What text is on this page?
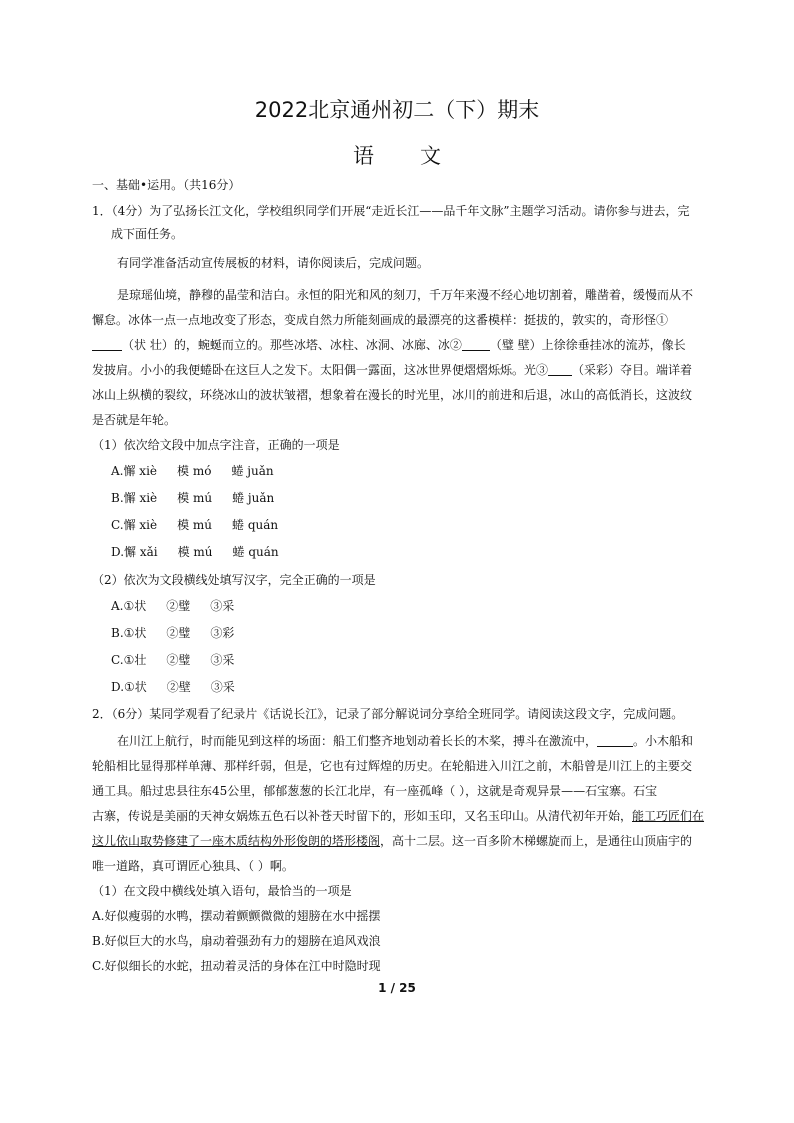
2022北京通州初二（下）期末
语 文
一、基础•运用。（共16分）
1．（4分）为了弘扬长江文化，学校组织同学们开展“走近长江——品千年文脉”主题学习活动。请你参与进去，完
成下面任务。
有同学准备活动宣传展板的材料，请你阅读后，完成问题。
是琼瑶仙境，静穆的晶莹和洁白。永恒的阳光和风的刻刀，千万年来漫不经心地切割着，雕凿着，缓慢而从不
懈怠。冰体一点一点地改变了形态，变成自然力所能刻画成的最漂亮的这番模样：挺拔的，敦实的，奇形怪①
（状 壮）的，蜿蜒而立的。那些冰塔、冰柱、冰洞、冰廊、冰② （璧 壁）上徐徐垂挂冰的流苏，像长
发披肩。小小的我便蜷卧在这巨人之发下。太阳偶一露面，这冰世界便熠熠烁烁。光③ （采彩）夺目。端详着
冰山上纵横的裂纹，环绕冰山的波状皱褶，想象着在漫长的时光里，冰川的前进和后退，冰山的高低消长，这波纹
是否就是年轮。
（1）依次给文段中加点字注音，正确的一项是
A.懈 xiè 模 mó 蜷 juǎn
B.懈 xiè 模 mú 蜷 juǎn
C.懈 xiè 模 mú 蜷 quán
D.懈 xǎi 模 mú 蜷 quán
（2）依次为文段横线处填写汉字，完全正确的一项是
A.①状 ②璧 ③采
B.①状 ②璧 ③彩
C.①壮 ②璧 ③采
D.①状 ②壁 ③采
2．（6分）某同学观看了纪录片《话说长江》，记录了部分解说词分享给全班同学。请阅读这段文字，完成问题。
在川江上航行，时而能见到这样的场面：船工们整齐地划动着长长的木桨，搏斗在激流中，	。小木船和
轮船相比显得那样单薄、那样纤弱，但是，它也有过辉煌的历史。在轮船进入川江之前，木船曾是川江上的主要交
通工具。船过忠县往东45公里，郁郁葱葱的长江北岸，有一座孤峰（ ），这就是奇观异景——石宝寨。石宝
古寨，传说是美丽的天神女娲炼五色石以补苍天时留下的，形如玉印，又名玉印山。从清代初年开始，能工巧匠们在
这儿依山取势修建了一座木质结构外形俊朗的塔形楼阁，高十二层。这一百多阶木梯螺旋而上，是通往山顶庙宇的
唯一道路，真可谓匠心独具、（ ）啊。
（1）在文段中横线处填入语句，最恰当的一项是
A.好似瘦弱的水鸭，摆动着颤颤微微的翅膀在水中摇摆
B.好似巨大的水鸟，扇动着强劲有力的翅膀在追风戏浪
C.好似细长的水蛇，扭动着灵活的身体在江中时隐时现
1 / 25
